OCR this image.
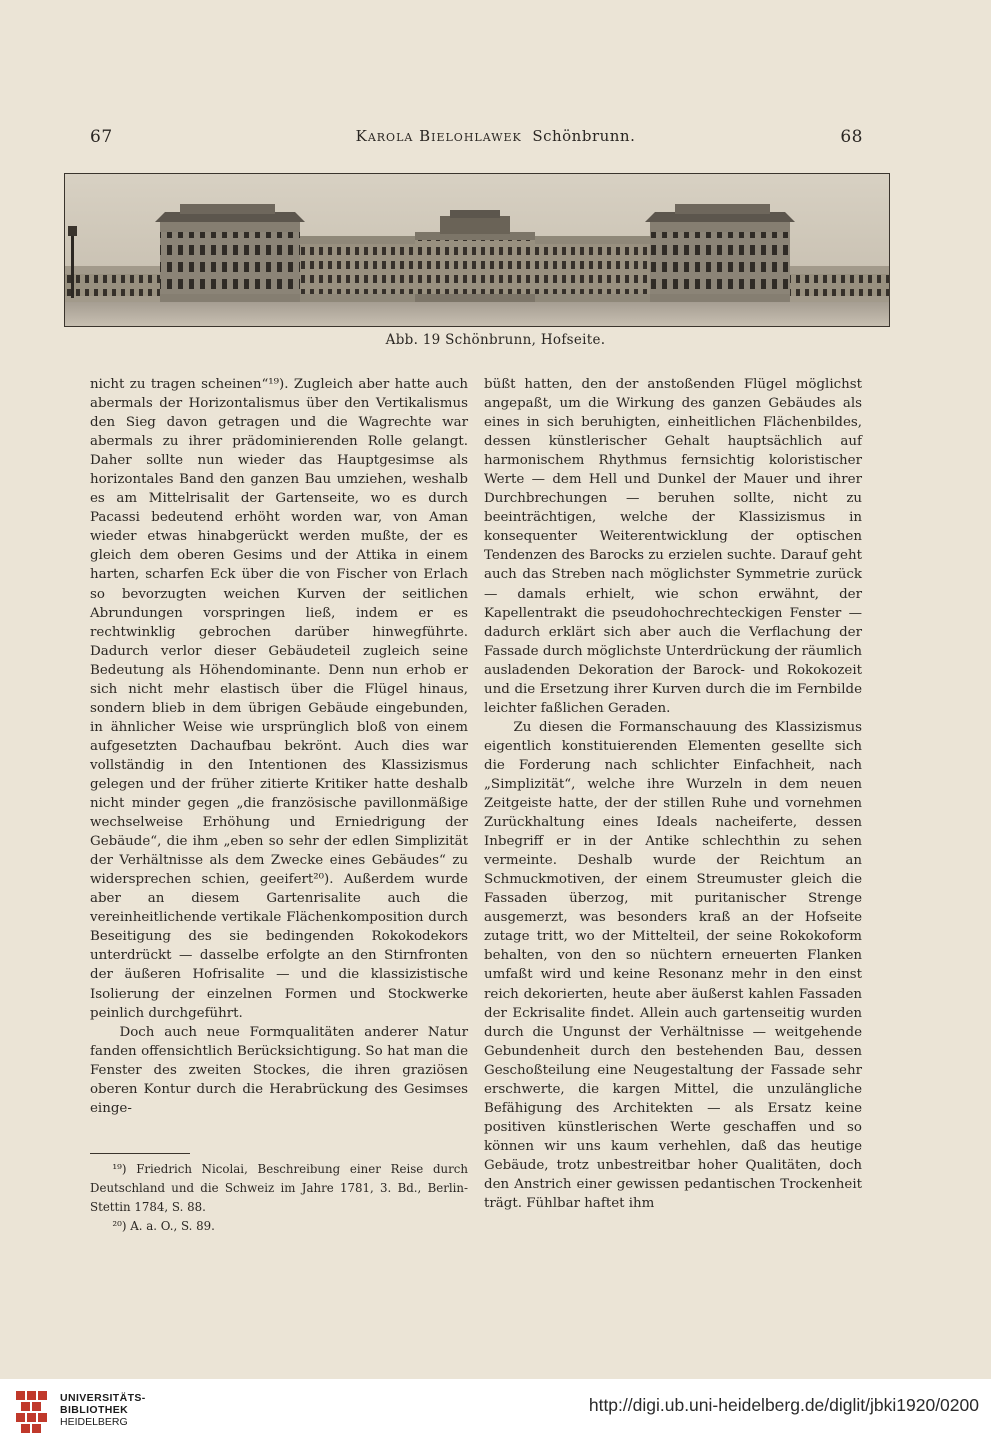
67	Karola Bielohlawek Schönbrunn.	68
Abb. 19 Schönbrunn, Hofseite.

nicht zu tragen scheinen“¹⁹). Zugleich aber hatte auch abermals der Horizontalismus über den Vertikalismus den Sieg davon getragen und die Wagrechte war abermals zu ihrer prädominierenden Rolle gelangt. Daher sollte nun wieder das Hauptgesimse als horizontales Band den ganzen Bau umziehen, weshalb es am Mittelrisalit der Gartenseite, wo es durch Pacassi bedeutend erhöht worden war, von Aman wieder etwas hinabgerückt werden mußte, der es gleich dem oberen Gesims und der Attika in einem harten, scharfen Eck über die von Fischer von Erlach so bevorzugten weichen Kurven der seitlichen Abrundungen vorspringen ließ, indem er es rechtwinklig gebrochen darüber hinwegführte. Dadurch verlor dieser Gebäudeteil zugleich seine Bedeutung als Höhendominante. Denn nun erhob er sich nicht mehr elastisch über die Flügel hinaus, sondern blieb in dem übrigen Gebäude eingebunden, in ähnlicher Weise wie ursprünglich bloß von einem aufgesetzten Dachaufbau bekrönt. Auch dies war vollständig in den Intentionen des Klassizismus gelegen und der früher zitierte Kritiker hatte deshalb nicht minder gegen „die französische pavillonmäßige wechselweise Erhöhung und Erniedrigung der Gebäude“, die ihm „eben so sehr der edlen Simplizität der Verhältnisse als dem Zwecke eines Gebäudes“ zu widersprechen schien, geeifert²⁰). Außerdem wurde aber an diesem Gartenrisalite auch die vereinheitlichende vertikale Flächenkomposition durch Beseitigung des sie bedingenden Rokokodekors unterdrückt — dasselbe erfolgte an den Stirnfronten der äußeren Hofrisalite — und die klassizistische Isolierung der einzelnen Formen und Stockwerke peinlich durchgeführt.

Doch auch neue Formqualitäten anderer Natur fanden offensichtlich Berücksichtigung. So hat man die Fenster des zweiten Stockes, die ihren graziösen oberen Kontur durch die Herabrückung des Gesimses einge-

¹⁹) Friedrich Nicolai, Beschreibung einer Reise durch Deutschland und die Schweiz im Jahre 1781, 3. Bd., Berlin-Stettin 1784, S. 88.

²⁰) A. a. O., S. 89.

büßt hatten, den der anstoßenden Flügel möglichst angepaßt, um die Wirkung des ganzen Gebäudes als eines in sich beruhigten, einheitlichen Flächenbildes, dessen künstlerischer Gehalt hauptsächlich auf harmonischem Rhythmus fernsichtig koloristischer Werte — dem Hell und Dunkel der Mauer und ihrer Durchbrechungen — beruhen sollte, nicht zu beeinträchtigen, welche der Klassizismus in konsequenter Weiterentwicklung der optischen Tendenzen des Barocks zu erzielen suchte. Darauf geht auch das Streben nach möglichster Symmetrie zurück — damals erhielt, wie schon erwähnt, der Kapellentrakt die pseudohochrechteckigen Fenster — dadurch erklärt sich aber auch die Verflachung der Fassade durch möglichste Unterdrückung der räumlich ausladenden Dekoration der Barock- und Rokokozeit und die Ersetzung ihrer Kurven durch die im Fernbilde leichter faßlichen Geraden.

Zu diesen die Formanschauung des Klassizismus eigentlich konstituierenden Elementen gesellte sich die Forderung nach schlichter Einfachheit, nach „Simplizität“, welche ihre Wurzeln in dem neuen Zeitgeiste hatte, der der stillen Ruhe und vornehmen Zurückhaltung eines Ideals nacheiferte, dessen Inbegriff er in der Antike schlechthin zu sehen vermeinte. Deshalb wurde der Reichtum an Schmuckmotiven, der einem Streumuster gleich die Fassaden überzog, mit puritanischer Strenge ausgemerzt, was besonders kraß an der Hofseite zutage tritt, wo der Mittelteil, der seine Rokokoform behalten, von den so nüchtern erneuerten Flanken umfaßt wird und keine Resonanz mehr in den einst reich dekorierten, heute aber äußerst kahlen Fassaden der Eckrisalite findet. Allein auch gartenseitig wurden durch die Ungunst der Verhältnisse — weitgehende Gebundenheit durch den bestehenden Bau, dessen Geschoßteilung eine Neugestaltung der Fassade sehr erschwerte, die kargen Mittel, die unzulängliche Befähigung des Architekten — als Ersatz keine positiven künstlerischen Werte geschaffen und so können wir uns kaum verhehlen, daß das heutige Gebäude, trotz unbestreitbar hoher Qualitäten, doch den Anstrich einer gewissen pedantischen Trockenheit trägt. Fühlbar haftet ihm

UNIVERSITÄTS-
BIBLIOTHEK
HEIDELBERG
http://digi.ub.uni-heidelberg.de/diglit/jbki1920/0200
